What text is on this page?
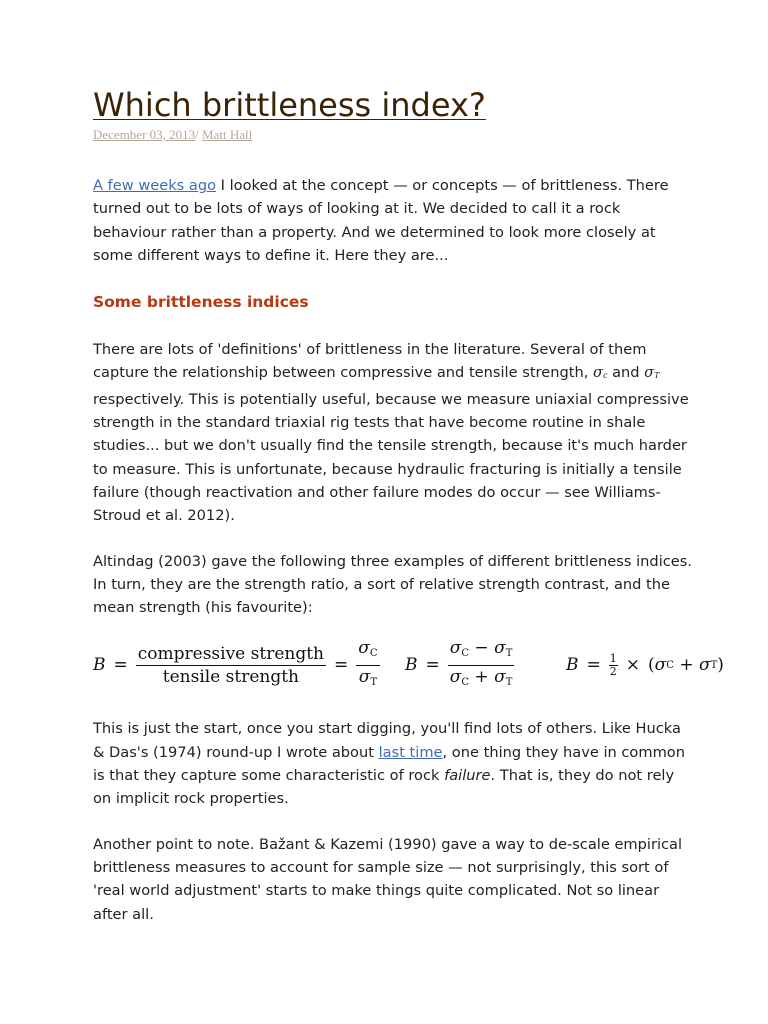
Which brittleness index?
December 03, 2013/ Matt Hall

A few weeks ago I looked at the concept — or concepts — of brittleness. There turned out to be lots of ways of looking at it. We decided to call it a rock behaviour rather than a property. And we determined to look more closely at some different ways to define it. Here they are...

Some brittleness indices

There are lots of 'definitions' of brittleness in the literature. Several of them capture the relationship between compressive and tensile strength, σc and σT respectively. This is potentially useful, because we measure uniaxial compressive strength in the standard triaxial rig tests that have become routine in shale studies... but we don't usually find the tensile strength, because it's much harder to measure. This is unfortunate, because hydraulic fracturing is initially a tensile failure (though reactivation and other failure modes do occur — see Williams-Stroud et al. 2012).

Altindag (2003) gave the following three examples of different brittleness indices. In turn, they are the strength ratio, a sort of relative strength contrast, and the mean strength (his favourite):

$B = \frac{\text{compressive strength}}{\text{tensile strength}} = \frac{\sigma C}{\sigma T}$ $B = \frac{\sigma C - \sigma T}{\sigma C + \sigma T}$	$B = \frac{1}{2}$ × ( σ C
+
σ T )

This is just the start, once you start digging, you'll find lots of others. Like Hucka & Das's (1974) round-up I wrote about last time, one thing they have in common is that they capture some characteristic of rock failure. That is, they do not rely on implicit rock properties.

Another point to note. Bažant & Kazemi (1990) gave a way to de-scale empirical brittleness measures to account for sample size — not surprisingly, this sort of 'real world adjustment' starts to make things quite complicated. Not so linear after all.
